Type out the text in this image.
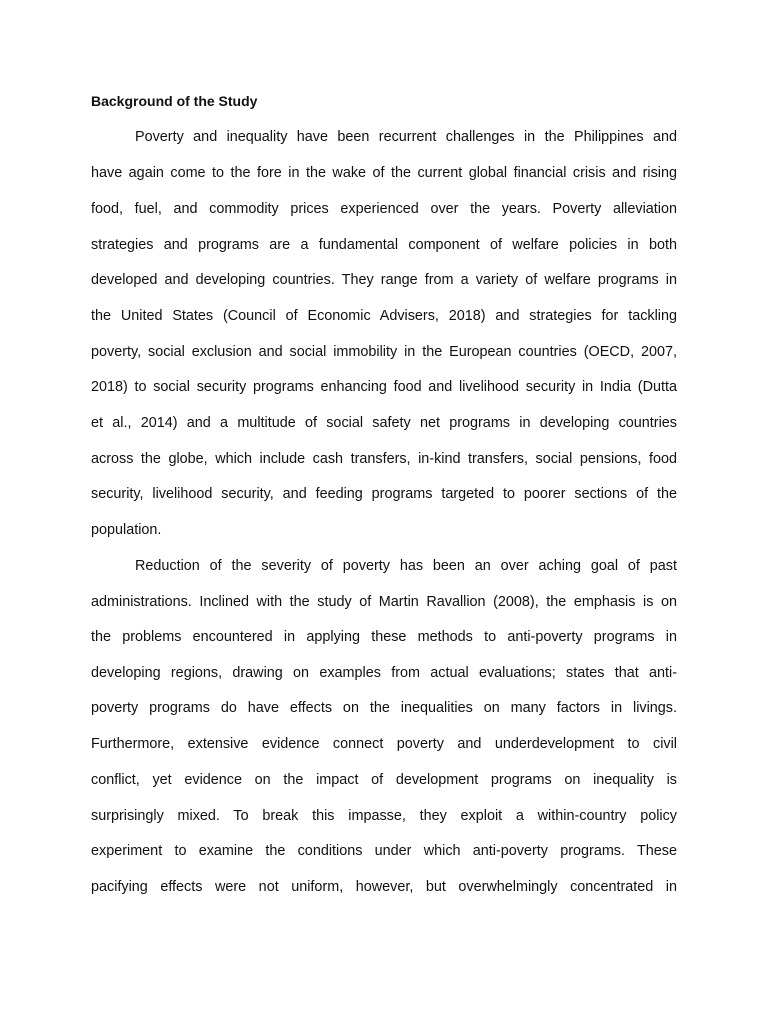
Background of the Study

Poverty and inequality have been recurrent challenges in the Philippines and

have again come to the fore in the wake of the current global financial crisis and rising

food, fuel, and commodity prices experienced over the years. Poverty alleviation

strategies and programs are a fundamental component of welfare policies in both

developed and developing countries. They range from a variety of welfare programs in

the United States (Council of Economic Advisers, 2018) and strategies for tackling

poverty, social exclusion and social immobility in the European countries (OECD, 2007,

2018) to social security programs enhancing food and livelihood security in India (Dutta

et al., 2014) and a multitude of social safety net programs in developing countries

across the globe, which include cash transfers, in-kind transfers, social pensions, food

security, livelihood security, and feeding programs targeted to poorer sections of the

population.

Reduction of the severity of poverty has been an over aching goal of past

administrations. Inclined with the study of Martin Ravallion (2008), the emphasis is on

the problems encountered in applying these methods to anti-poverty programs in

developing regions, drawing on examples from actual evaluations; states that anti-

poverty programs do have effects on the inequalities on many factors in livings.

Furthermore, extensive evidence connect poverty and underdevelopment to civil

conflict, yet evidence on the impact of development programs on inequality is

surprisingly mixed. To break this impasse, they exploit a within-country policy

experiment to examine the conditions under which anti-poverty programs. These

pacifying effects were not uniform, however, but overwhelmingly concentrated in
